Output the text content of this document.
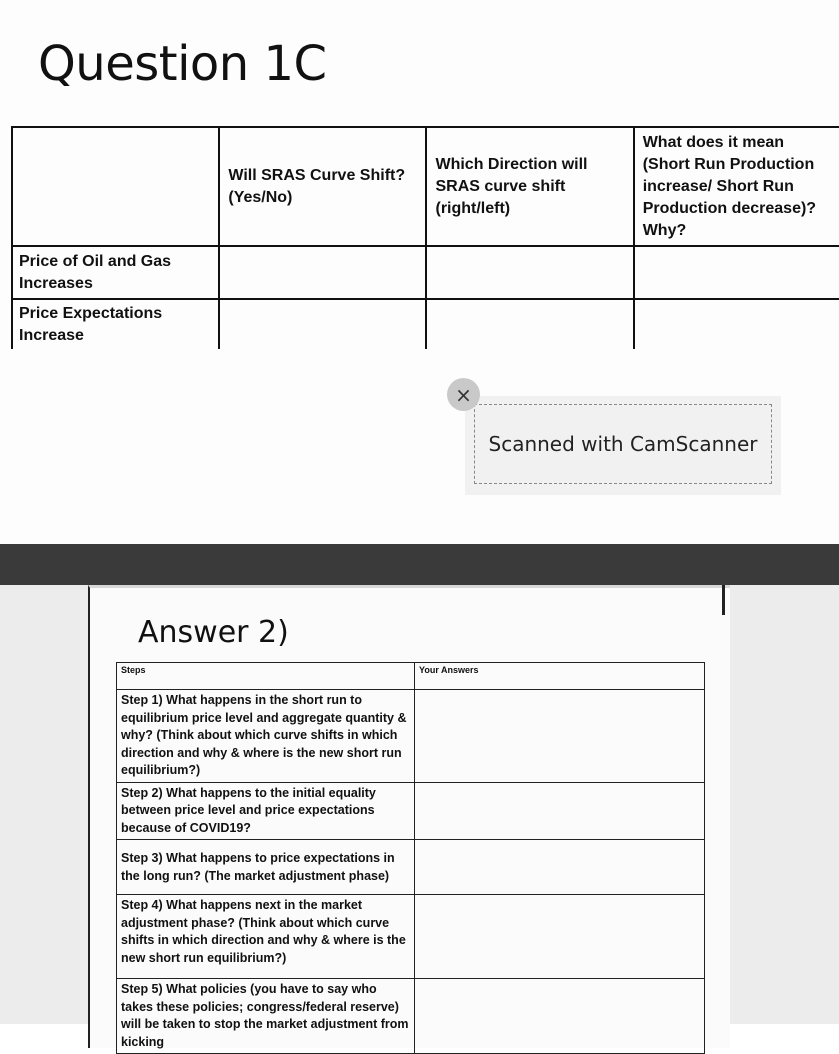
Question 1C
	Will SRAS Curve Shift? (Yes/No)	Which Direction will SRAS curve shift (right/left)	What does it mean (Short Run Production increase/ Short Run Production decrease)? Why?
Price of Oil and Gas Increases			
Price Expectations Increase			
Scanned with CamScanner
×
Answer 2)
Steps	Your Answers
Step 1) What happens in the short run to equilibrium price level and aggregate quantity & why? (Think about which curve shifts in which direction and why & where is the new short run equilibrium?)	
Step 2) What happens to the initial equality between price level and price expectations because of COVID19?	
Step 3) What happens to price expectations in the long run? (The market adjustment phase)	
Step 4) What happens next in the market adjustment phase? (Think about which curve shifts in which direction and why & where is the new short run equilibrium?)	
Step 5) What policies (you have to say who takes these policies; congress/federal reserve) will be taken to stop the market adjustment from kicking	
